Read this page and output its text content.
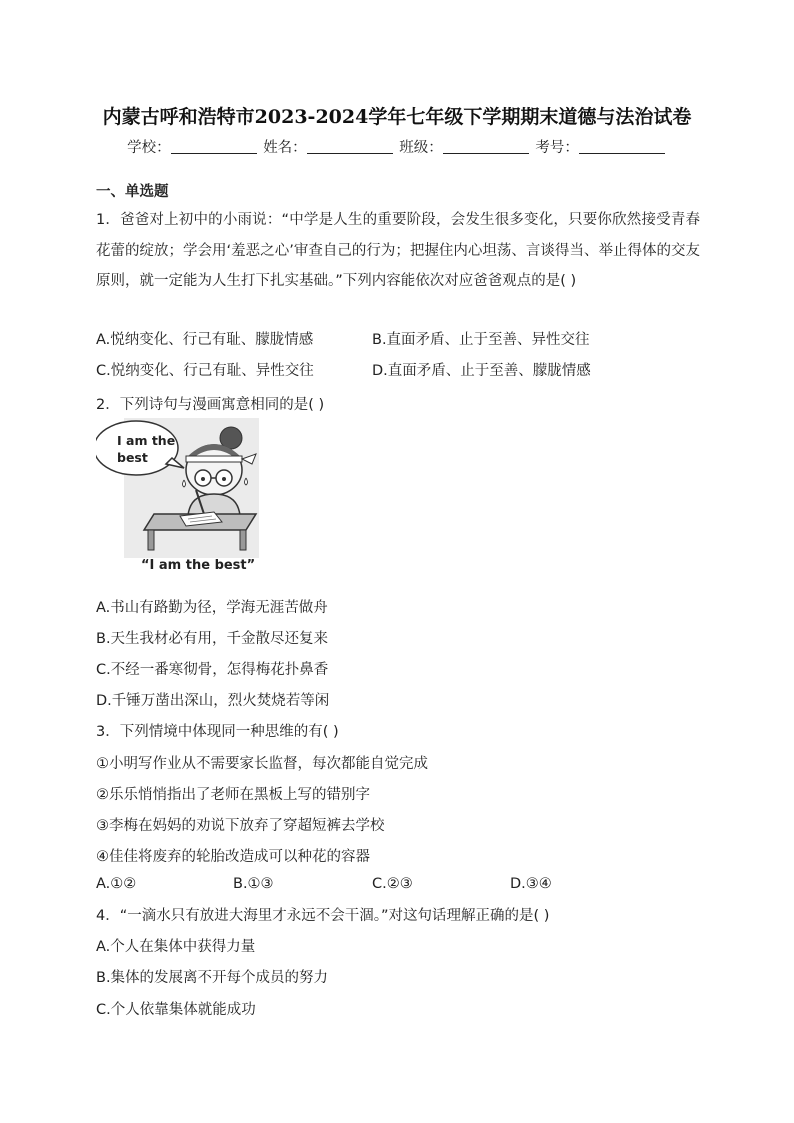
内蒙古呼和浩特市2023-2024学年七年级下学期期末道德与法治试卷
学校：	姓名：	班级：	考号：
一、单选题
1．爸爸对上初中的小雨说：“中学是人生的重要阶段，会发生很多变化，只要你欣然接受青春花蕾的绽放；学会用‘羞恶之心’审查自己的行为；把握住内心坦荡、言谈得当、举止得体的交友原则，就一定能为人生打下扎实基础。”下列内容能依次对应爸爸观点的是( )
A.悦纳变化、行己有耻、朦胧情感	B.直面矛盾、止于至善、异性交往
C.悦纳变化、行己有耻、异性交往	D.直面矛盾、止于至善、朦胧情感
2．下列诗句与漫画寓意相同的是( )
I am the
best
“I am the best”
A.书山有路勤为径，学海无涯苦做舟
B.天生我材必有用，千金散尽还复来
C.不经一番寒彻骨，怎得梅花扑鼻香
D.千锤万凿出深山，烈火焚烧若等闲
3．下列情境中体现同一种思维的有( )
①小明写作业从不需要家长监督，每次都能自觉完成
②乐乐悄悄指出了老师在黑板上写的错别字
③李梅在妈妈的劝说下放弃了穿超短裤去学校
④佳佳将废弃的轮胎改造成可以种花的容器
A.①②	B.①③	C.②③	D.③④
4．“一滴水只有放进大海里才永远不会干涸。”对这句话理解正确的是( )
A.个人在集体中获得力量
B.集体的发展离不开每个成员的努力
C.个人依靠集体就能成功
